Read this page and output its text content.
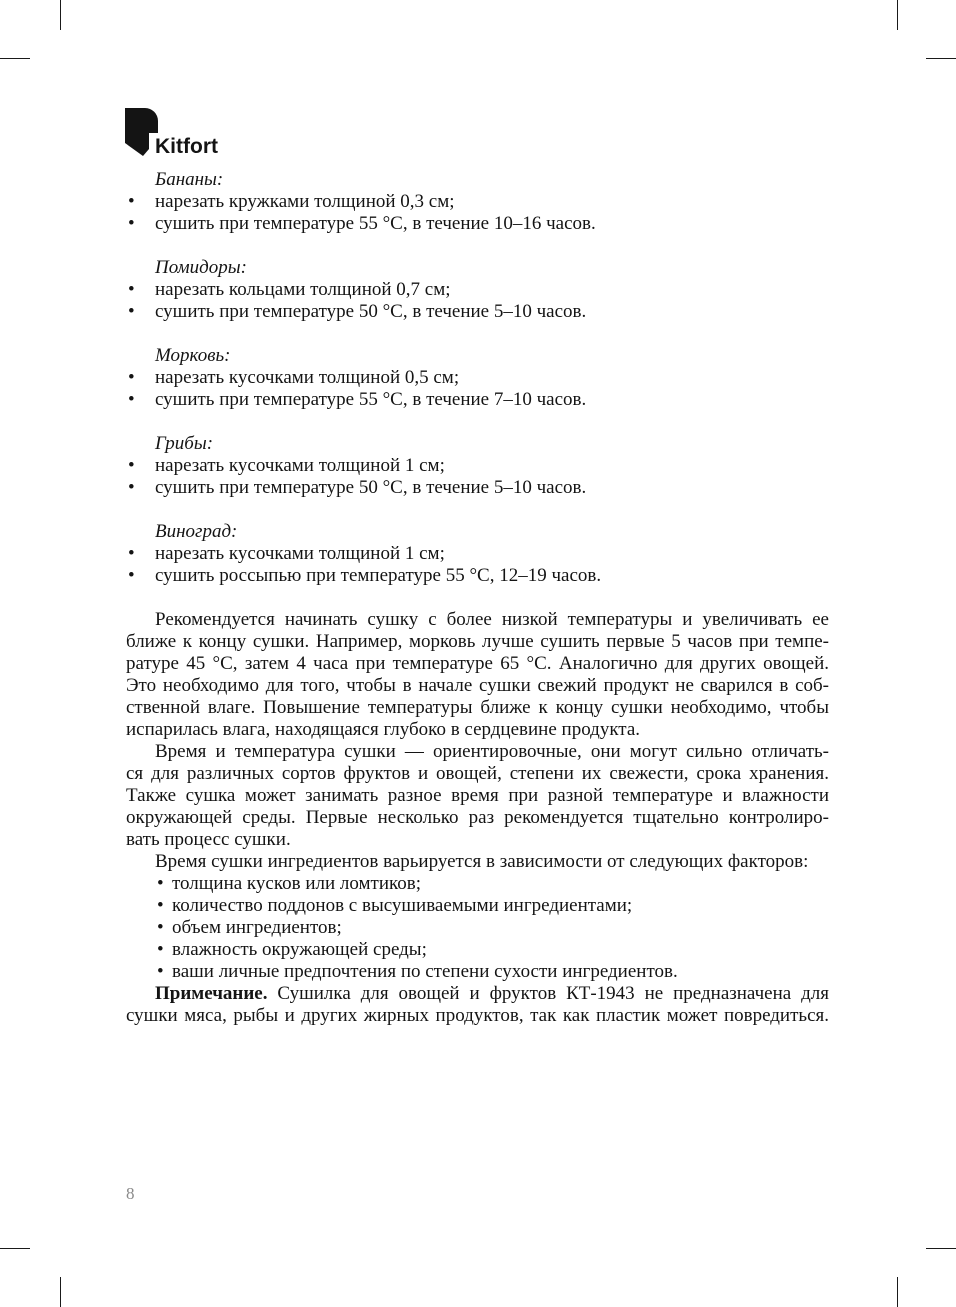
Kitfort
Бананы:
• нарезать кружками толщиной 0,3 см;
• сушить при температуре 55 °С, в течение 10–16 часов.
Помидоры:
• нарезать кольцами толщиной 0,7 см;
• сушить при температуре 50 °С, в течение 5–10 часов.
Морковь:
• нарезать кусочками толщиной 0,5 см;
• сушить при температуре 55 °С, в течение 7–10 часов.
Грибы:
• нарезать кусочками толщиной 1 см;
• сушить при температуре 50 °С, в течение 5–10 часов.
Виноград:
• нарезать кусочками толщиной 1 см;
• сушить россыпью при температуре 55 °С, 12–19 часов.
Рекомендуется начинать сушку с более низкой температуры и увеличивать ее
ближе к концу сушки. Например, морковь лучше сушить первые 5 часов при темпе-
ратуре 45 °С, затем 4 часа при температуре 65 °С. Аналогично для других овощей.
Это необходимо для того, чтобы в начале сушки свежий продукт не сварился в соб-
ственной влаге. Повышение температуры ближе к концу сушки необходимо, чтобы
испарилась влага, находящаяся глубоко в сердцевине продукта.
Время и температура сушки — ориентировочные, они могут сильно отличать-
ся для различных сортов фруктов и овощей, степени их свежести, срока хранения.
Также сушка может занимать разное время при разной температуре и влажности
окружающей среды. Первые несколько раз рекомендуется тщательно контролиро-
вать процесс сушки.
Время сушки ингредиентов варьируется в зависимости от следующих факторов:
• толщина кусков или ломтиков;
• количество поддонов с высушиваемыми ингредиентами;
• объем ингредиентов;
• влажность окружающей среды;
• ваши личные предпочтения по степени сухости ингредиентов.
Примечание. Сушилка для овощей и фруктов КТ-1943 не предназначена для
сушки мяса, рыбы и других жирных продуктов, так как пластик может повредиться.
8
